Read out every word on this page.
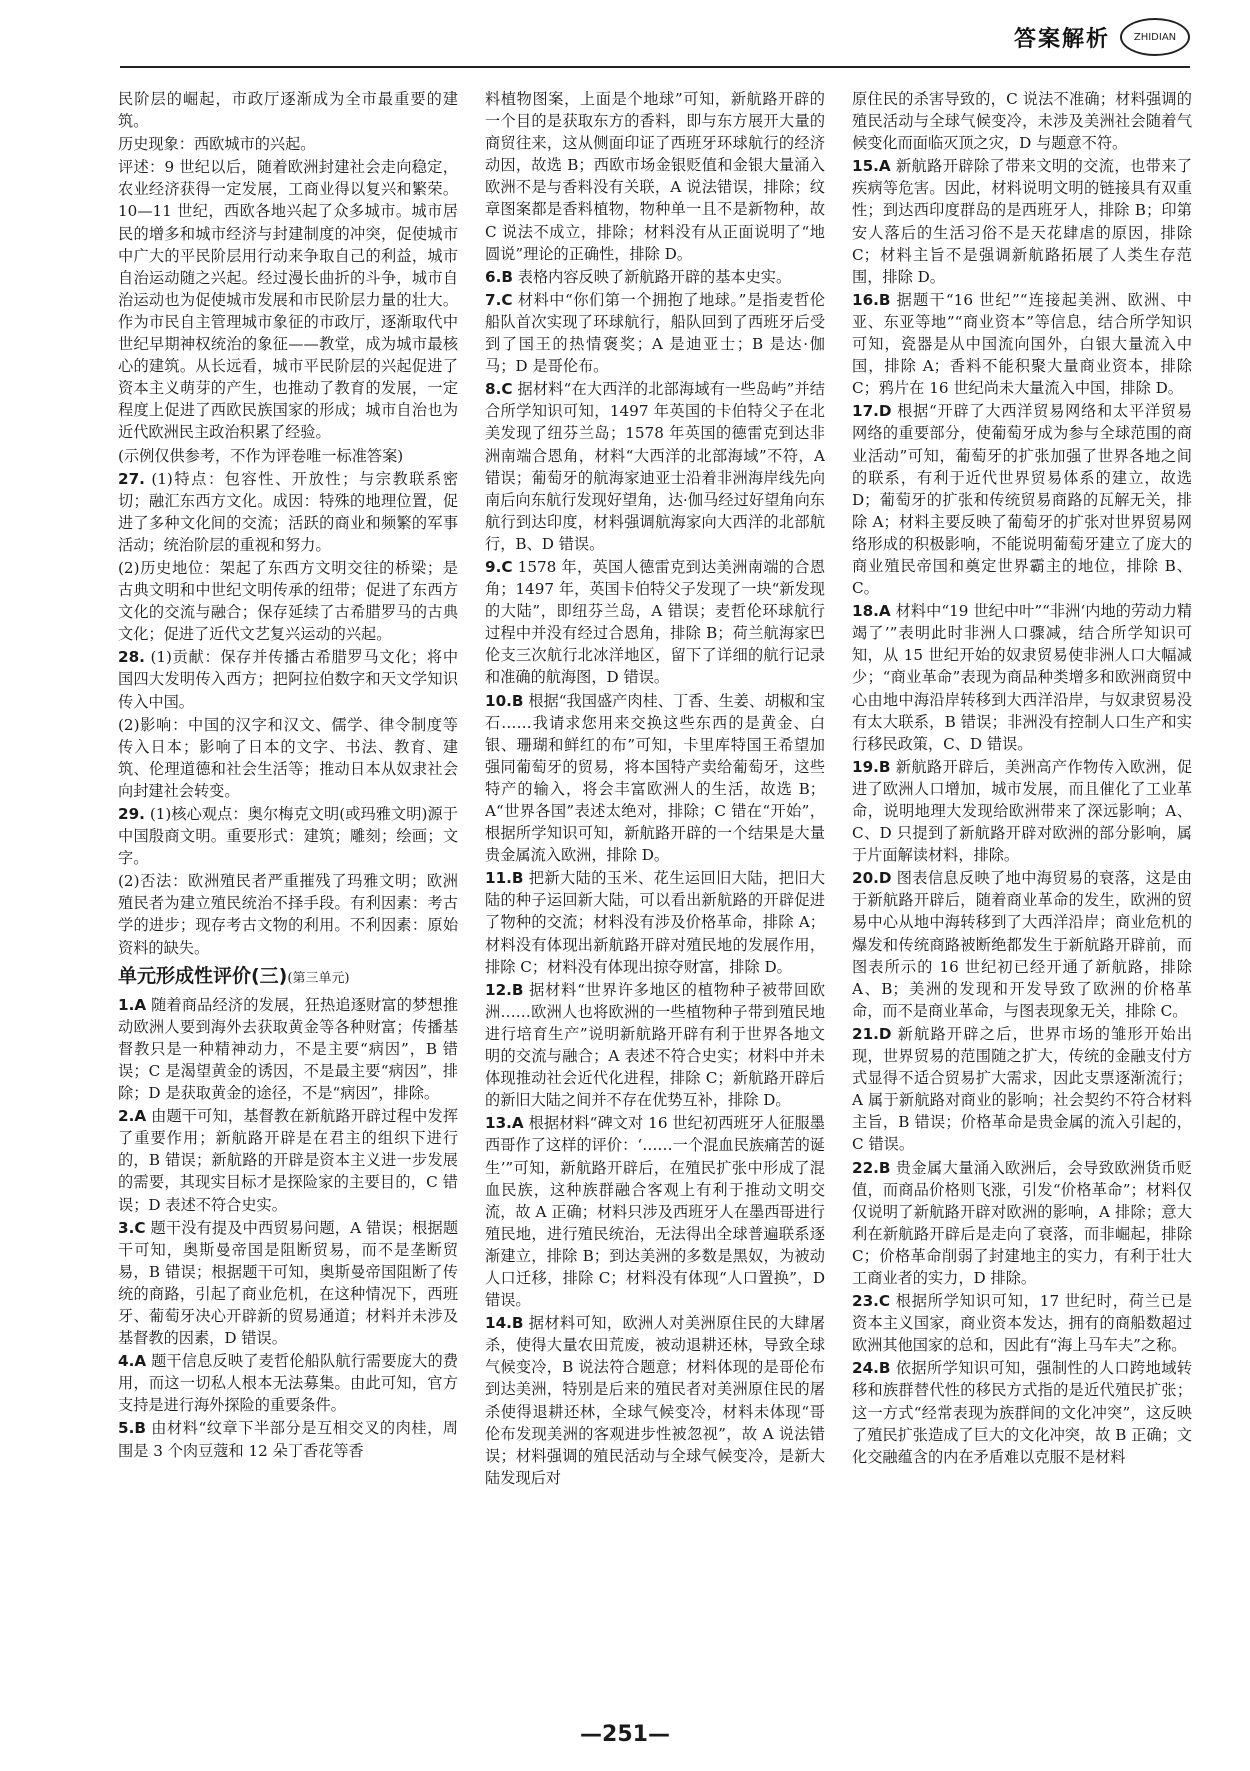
答案解析 ZHIDIAN

民阶层的崛起，市政厅逐渐成为全市最重要的建筑。

历史现象：西欧城市的兴起。

评述：9 世纪以后，随着欧洲封建社会走向稳定，农业经济获得一定发展，工商业得以复兴和繁荣。10—11 世纪，西欧各地兴起了众多城市。城市居民的增多和城市经济与封建制度的冲突，促使城市中广大的平民阶层用行动来争取自己的利益，城市自治运动随之兴起。经过漫长曲折的斗争，城市自治运动也为促使城市发展和市民阶层力量的壮大。作为市民自主管理城市象征的市政厅，逐渐取代中世纪早期神权统治的象征——教堂，成为城市最核心的建筑。从长远看，城市平民阶层的兴起促进了资本主义萌芽的产生，也推动了教育的发展，一定程度上促进了西欧民族国家的形成；城市自治也为近代欧洲民主政治积累了经验。

(示例仅供参考，不作为评卷唯一标准答案)

27. (1)特点：包容性、开放性；与宗教联系密切；融汇东西方文化。成因：特殊的地理位置，促进了多种文化间的交流；活跃的商业和频繁的军事活动；统治阶层的重视和努力。

(2)历史地位：架起了东西方文明交往的桥梁；是古典文明和中世纪文明传承的纽带；促进了东西方文化的交流与融合；保存延续了古希腊罗马的古典文化；促进了近代文艺复兴运动的兴起。

28. (1)贡献：保存并传播古希腊罗马文化；将中国四大发明传入西方；把阿拉伯数字和天文学知识传入中国。

(2)影响：中国的汉字和汉文、儒学、律令制度等传入日本；影响了日本的文字、书法、教育、建筑、伦理道德和社会生活等；推动日本从奴隶社会向封建社会转变。

29. (1)核心观点：奥尔梅克文明(或玛雅文明)源于中国殷商文明。重要形式：建筑；雕刻；绘画；文字。

(2)否法：欧洲殖民者严重摧残了玛雅文明；欧洲殖民者为建立殖民统治不择手段。有利因素：考古学的进步；现存考古文物的利用。不利因素：原始资料的缺失。

单元形成性评价(三)(第三单元)

1.A 随着商品经济的发展，狂热追逐财富的梦想推动欧洲人要到海外去获取黄金等各种财富；传播基督教只是一种精神动力，不是主要“病因”，B 错误；C 是渴望黄金的诱因，不是最主要“病因”，排除；D 是获取黄金的途径，不是“病因”，排除。

2.A 由题干可知，基督教在新航路开辟过程中发挥了重要作用；新航路开辟是在君主的组织下进行的，B 错误；新航路的开辟是资本主义进一步发展的需要，其现实目标才是探险家的主要目的，C 错误；D 表述不符合史实。

3.C 题干没有提及中西贸易问题，A 错误；根据题干可知，奥斯曼帝国是阻断贸易，而不是垄断贸易，B 错误；根据题干可知，奥斯曼帝国阻断了传统的商路，引起了商业危机，在这种情况下，西班牙、葡萄牙决心开辟新的贸易通道；材料并未涉及基督教的因素，D 错误。

4.A 题干信息反映了麦哲伦船队航行需要庞大的费用，而这一切私人根本无法募集。由此可知，官方支持是进行海外探险的重要条件。

5.B 由材料“纹章下半部分是互相交叉的肉桂，周围是 3 个肉豆蔻和 12 朵丁香花等香

料植物图案，上面是个地球”可知，新航路开辟的一个目的是获取东方的香料，即与东方展开大量的商贸往来，这从侧面印证了西班牙环球航行的经济动因，故选 B；西欧市场金银贬值和金银大量涌入欧洲不是与香料没有关联，A 说法错误，排除；纹章图案都是香料植物，物种单一且不是新物种，故 C 说法不成立，排除；材料没有从正面说明了“地圆说”理论的正确性，排除 D。

6.B 表格内容反映了新航路开辟的基本史实。

7.C 材料中“你们第一个拥抱了地球。”是指麦哲伦船队首次实现了环球航行，船队回到了西班牙后受到了国王的热情褒奖；A 是迪亚士；B 是达·伽马；D 是哥伦布。

8.C 据材料“在大西洋的北部海域有一些岛屿”并结合所学知识可知，1497 年英国的卡伯特父子在北美发现了纽芬兰岛；1578 年英国的德雷克到达非洲南端合恩角，材料“大西洋的北部海域”不符，A 错误；葡萄牙的航海家迪亚士沿着非洲海岸线先向南后向东航行发现好望角，达·伽马经过好望角向东航行到达印度，材料强调航海家向大西洋的北部航行，B、D 错误。

9.C 1578 年，英国人德雷克到达美洲南端的合恩角；1497 年，英国卡伯特父子发现了一块“新发现的大陆”，即纽芬兰岛，A 错误；麦哲伦环球航行过程中并没有经过合恩角，排除 B；荷兰航海家巴伦支三次航行北冰洋地区，留下了详细的航行记录和准确的航海图，D 错误。

10.B 根据“我国盛产肉桂、丁香、生姜、胡椒和宝石……我请求您用来交换这些东西的是黄金、白银、珊瑚和鲜红的布”可知，卡里库特国王希望加强同葡萄牙的贸易，将本国特产卖给葡萄牙，这些特产的输入，将会丰富欧洲人的生活，故选 B；A“世界各国”表述太绝对，排除；C 错在“开始”，根据所学知识可知，新航路开辟的一个结果是大量贵金属流入欧洲，排除 D。

11.B 把新大陆的玉米、花生运回旧大陆，把旧大陆的种子运回新大陆，可以看出新航路的开辟促进了物种的交流；材料没有涉及价格革命，排除 A；材料没有体现出新航路开辟对殖民地的发展作用，排除 C；材料没有体现出掠夺财富，排除 D。

12.B 据材料“世界许多地区的植物种子被带回欧洲……欧洲人也将欧洲的一些植物种子带到殖民地进行培育生产”说明新航路开辟有利于世界各地文明的交流与融合；A 表述不符合史实；材料中并未体现推动社会近代化进程，排除 C；新航路开辟后的新旧大陆之间并不存在优势互补，排除 D。

13.A 根据材料“碑文对 16 世纪初西班牙人征服墨西哥作了这样的评价：‘……一个混血民族痛苦的诞生’”可知，新航路开辟后，在殖民扩张中形成了混血民族，这种族群融合客观上有利于推动文明交流，故 A 正确；材料只涉及西班牙人在墨西哥进行殖民地，进行殖民统治，无法得出全球普遍联系逐渐建立，排除 B；到达美洲的多数是黑奴，为被动人口迁移，排除 C；材料没有体现“人口置换”，D 错误。

14.B 据材料可知，欧洲人对美洲原住民的大肆屠杀，使得大量农田荒废，被动退耕还林，导致全球气候变冷，B 说法符合题意；材料体现的是哥伦布到达美洲，特别是后来的殖民者对美洲原住民的屠杀使得退耕还林，全球气候变冷，材料未体现“哥伦布发现美洲的客观进步性被忽视”，故 A 说法错误；材料强调的殖民活动与全球气候变冷，是新大陆发现后对

原住民的杀害导致的，C 说法不准确；材料强调的殖民活动与全球气候变冷，未涉及美洲社会随着气候变化而面临灭顶之灾，D 与题意不符。

15.A 新航路开辟除了带来文明的交流，也带来了疾病等危害。因此，材料说明文明的链接具有双重性；到达西印度群岛的是西班牙人，排除 B；印第安人落后的生活习俗不是天花肆虐的原因，排除 C；材料主旨不是强调新航路拓展了人类生存范围，排除 D。

16.B 据题干“16 世纪”“连接起美洲、欧洲、中亚、东亚等地”“商业资本”等信息，结合所学知识可知，瓷器是从中国流向国外，白银大量流入中国，排除 A；香料不能积聚大量商业资本，排除 C；鸦片在 16 世纪尚未大量流入中国，排除 D。

17.D 根据“开辟了大西洋贸易网络和太平洋贸易网络的重要部分，使葡萄牙成为参与全球范围的商业活动”可知，葡萄牙的扩张加强了世界各地之间的联系，有利于近代世界贸易体系的建立，故选 D；葡萄牙的扩张和传统贸易商路的瓦解无关，排除 A；材料主要反映了葡萄牙的扩张对世界贸易网络形成的积极影响，不能说明葡萄牙建立了庞大的商业殖民帝国和奠定世界霸主的地位，排除 B、C。

18.A 材料中“19 世纪中叶”“非洲‘内地的劳动力精竭了’”表明此时非洲人口骤减，结合所学知识可知，从 15 世纪开始的奴隶贸易使非洲人口大幅减少；“商业革命”表现为商品种类增多和欧洲商贸中心由地中海沿岸转移到大西洋沿岸，与奴隶贸易没有太大联系，B 错误；非洲没有控制人口生产和实行移民政策，C、D 错误。

19.B 新航路开辟后，美洲高产作物传入欧洲，促进了欧洲人口增加，城市发展，而且催化了工业革命，说明地理大发现给欧洲带来了深远影响；A、C、D 只提到了新航路开辟对欧洲的部分影响，属于片面解读材料，排除。

20.D 图表信息反映了地中海贸易的衰落，这是由于新航路开辟后，随着商业革命的发生，欧洲的贸易中心从地中海转移到了大西洋沿岸；商业危机的爆发和传统商路被断绝都发生于新航路开辟前，而图表所示的 16 世纪初已经开通了新航路，排除 A、B；美洲的发现和开发导致了欧洲的价格革命，而不是商业革命，与图表现象无关，排除 C。

21.D 新航路开辟之后，世界市场的雏形开始出现，世界贸易的范围随之扩大，传统的金融支付方式显得不适合贸易扩大需求，因此支票逐渐流行；A 属于新航路对商业的影响；社会契约不符合材料主旨，B 错误；价格革命是贵金属的流入引起的，C 错误。

22.B 贵金属大量涌入欧洲后，会导致欧洲货币贬值，而商品价格则飞涨，引发“价格革命”；材料仅仅说明了新航路开辟对欧洲的影响，A 排除；意大利在新航路开辟后是走向了衰落，而非崛起，排除 C；价格革命削弱了封建地主的实力，有利于壮大工商业者的实力，D 排除。

23.C 根据所学知识可知，17 世纪时，荷兰已是资本主义国家，商业资本发达，拥有的商船数超过欧洲其他国家的总和，因此有“海上马车夫”之称。

24.B 依据所学知识可知，强制性的人口跨地域转移和族群替代性的移民方式指的是近代殖民扩张；这一方式“经常表现为族群间的文化冲突”，这反映了殖民扩张造成了巨大的文化冲突，故 B 正确；文化交融蕴含的内在矛盾难以克服不是材料

—251—
